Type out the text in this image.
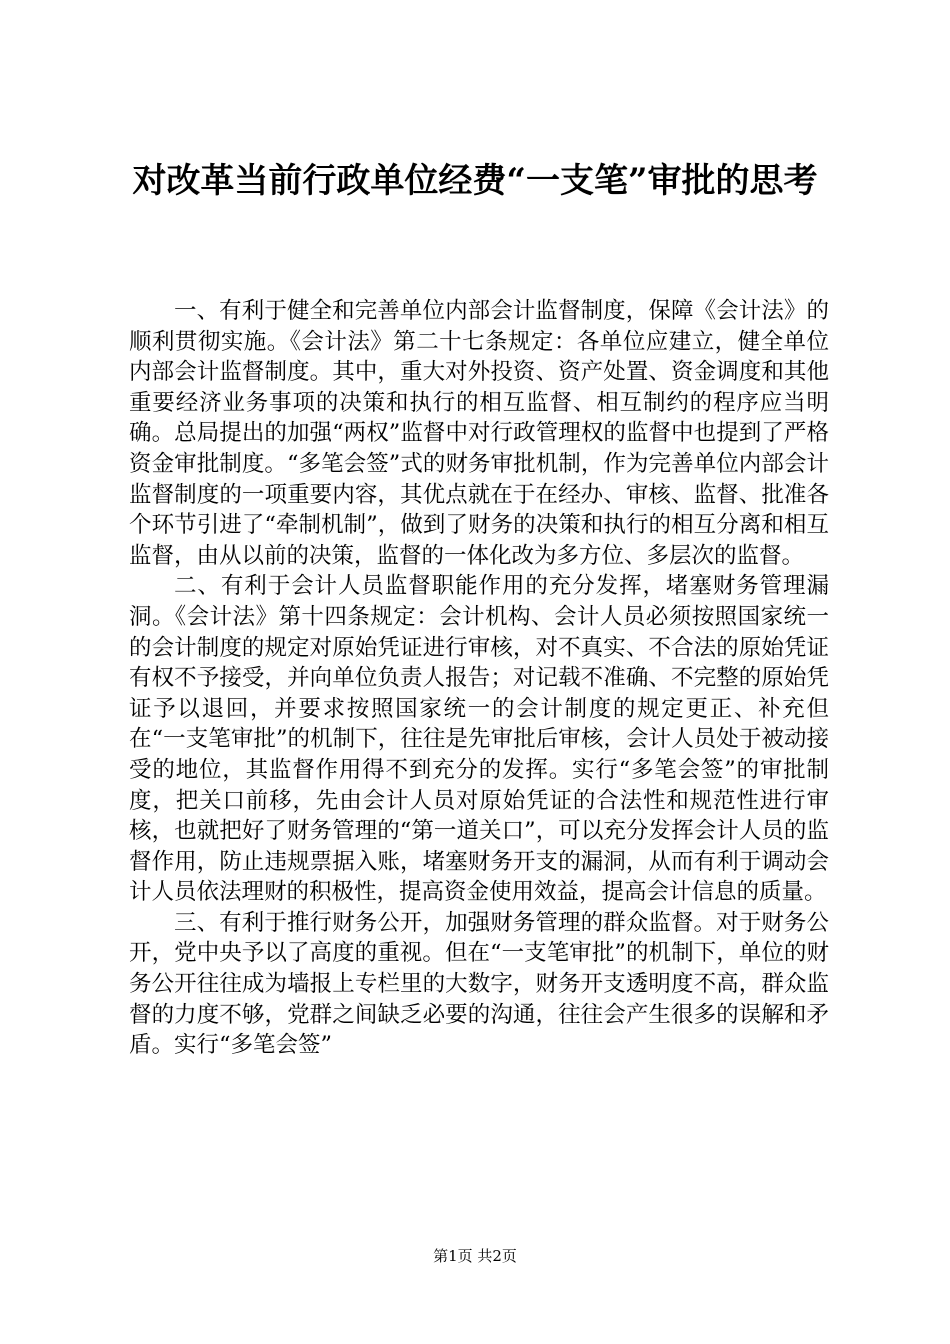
对改革当前行政单位经费“一支笔”审批的思考

一、有利于健全和完善单位内部会计监督制度，保障《会计法》的顺利贯彻实施。《会计法》第二十七条规定：各单位应建立，健全单位内部会计监督制度。其中，重大对外投资、资产处置、资金调度和其他重要经济业务事项的决策和执行的相互监督、相互制约的程序应当明确。总局提出的加强“两权”监督中对行政管理权的监督中也提到了严格资金审批制度。“多笔会签”式的财务审批机制，作为完善单位内部会计监督制度的一项重要内容，其优点就在于在经办、审核、监督、批准各个环节引进了“牵制机制”，做到了财务的决策和执行的相互分离和相互监督，由从以前的决策，监督的一体化改为多方位、多层次的监督。

二、有利于会计人员监督职能作用的充分发挥，堵塞财务管理漏洞。《会计法》第十四条规定：会计机构、会计人员必须按照国家统一的会计制度的规定对原始凭证进行审核，对不真实、不合法的原始凭证有权不予接受，并向单位负责人报告；对记载不准确、不完整的原始凭证予以退回，并要求按照国家统一的会计制度的规定更正、补充但在“一支笔审批”的机制下，往往是先审批后审核，会计人员处于被动接受的地位，其监督作用得不到充分的发挥。实行“多笔会签”的审批制度，把关口前移，先由会计人员对原始凭证的合法性和规范性进行审核，也就把好了财务管理的“第一道关口”，可以充分发挥会计人员的监督作用，防止违规票据入账，堵塞财务开支的漏洞，从而有利于调动会计人员依法理财的积极性，提高资金使用效益，提高会计信息的质量。

三、有利于推行财务公开，加强财务管理的群众监督。对于财务公开，党中央予以了高度的重视。但在“一支笔审批”的机制下，单位的财务公开往往成为墙报上专栏里的大数字，财务开支透明度不高，群众监督的力度不够，党群之间缺乏必要的沟通，往往会产生很多的误解和矛盾。实行“多笔会签”

第1页 共2页
